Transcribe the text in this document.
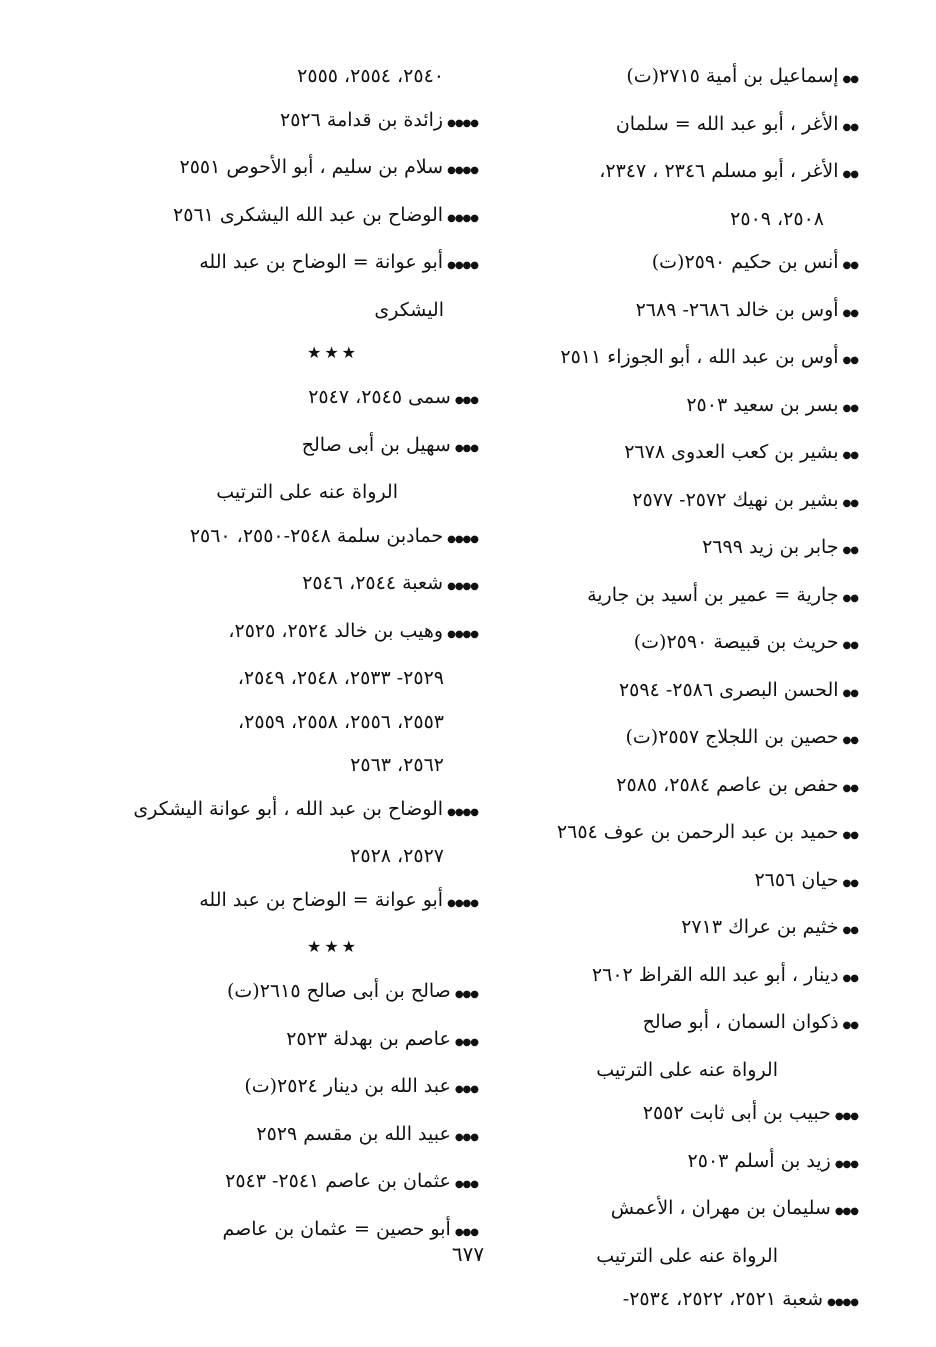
●●
إسماعيل بن أمية ٢٧١٥(ت)
●●
الأغر ، أبو عبد الله = سلمان
●●
الأغر ، أبو مسلم ٢٣٤٦ ، ٢٣٤٧،
٢٥٠٨، ٢٥٠٩
●●
أنس بن حكيم ٢٥٩٠(ت)
●●
أوس بن خالد ٢٦٨٦- ٢٦٨٩
●●
أوس بن عبد الله ، أبو الجوزاء ٢٥١١
●●
بسر بن سعيد ٢٥٠٣
●●
بشير بن كعب العدوى ٢٦٧٨
●●
بشير بن نهيك ٢٥٧٢- ٢٥٧٧
●●
جابر بن زيد ٢٦٩٩
●●
جارية = عمير بن أسيد بن جارية
●●
حريث بن قبيصة ٢٥٩٠(ت)
●●
الحسن البصرى ٢٥٨٦- ٢٥٩٤
●●
حصين بن اللجلاج ٢٥٥٧(ت)
●●
حفص بن عاصم ٢٥٨٤، ٢٥٨٥
●●
حميد بن عبد الرحمن بن عوف ٢٦٥٤
●●
حيان ٢٦٥٦
●●
خثيم بن عراك ٢٧١٣
●●
دينار ، أبو عبد الله القراظ ٢٦٠٢
●●
ذكوان السمان ، أبو صالح
الرواة عنه على الترتيب
●●●
حبيب بن أبى ثابت ٢٥٥٢
●●●
زيد بن أسلم ٢٥٠٣
●●●
سليمان بن مهران ، الأعمش
الرواة عنه على الترتيب
●●●●
شعبة ٢٥٢١، ٢٥٢٢، ٢٥٣٤-
٢٥٤٠، ٢٥٥٤، ٢٥٥٥
●●●●
زائدة بن قدامة ٢٥٢٦
●●●●
سلام بن سليم ، أبو الأحوص ٢٥٥١
●●●●
الوضاح بن عبد الله اليشكرى ٢٥٦١
●●●●
أبو عوانة = الوضاح بن عبد الله
اليشكرى
★★★
●●●
سمى ٢٥٤٥، ٢٥٤٧
●●●
سهيل بن أبى صالح
الرواة عنه على الترتيب
●●●●
حمادبن سلمة ٢٥٤٨-٢٥٥٠، ٢٥٦٠
●●●●
شعبة ٢٥٤٤، ٢٥٤٦
●●●●
وهيب بن خالد ٢٥٢٤، ٢٥٢٥،
٢٥٢٩- ٢٥٣٣، ٢٥٤٨، ٢٥٤٩،
٢٥٥٣، ٢٥٥٦، ٢٥٥٨، ٢٥٥٩،
٢٥٦٢، ٢٥٦٣
●●●●
الوضاح بن عبد الله ، أبو عوانة اليشكرى
٢٥٢٧، ٢٥٢٨
●●●●
أبو عوانة = الوضاح بن عبد الله
★★★
●●●
صالح بن أبى صالح ٢٦١٥(ت)
●●●
عاصم بن بهدلة ٢٥٢٣
●●●
عبد الله بن دينار ٢٥٢٤(ت)
●●●
عبيد الله بن مقسم ٢٥٢٩
●●●
عثمان بن عاصم ٢٥٤١- ٢٥٤٣
●●●
أبو حصين = عثمان بن عاصم
٦٧٧
